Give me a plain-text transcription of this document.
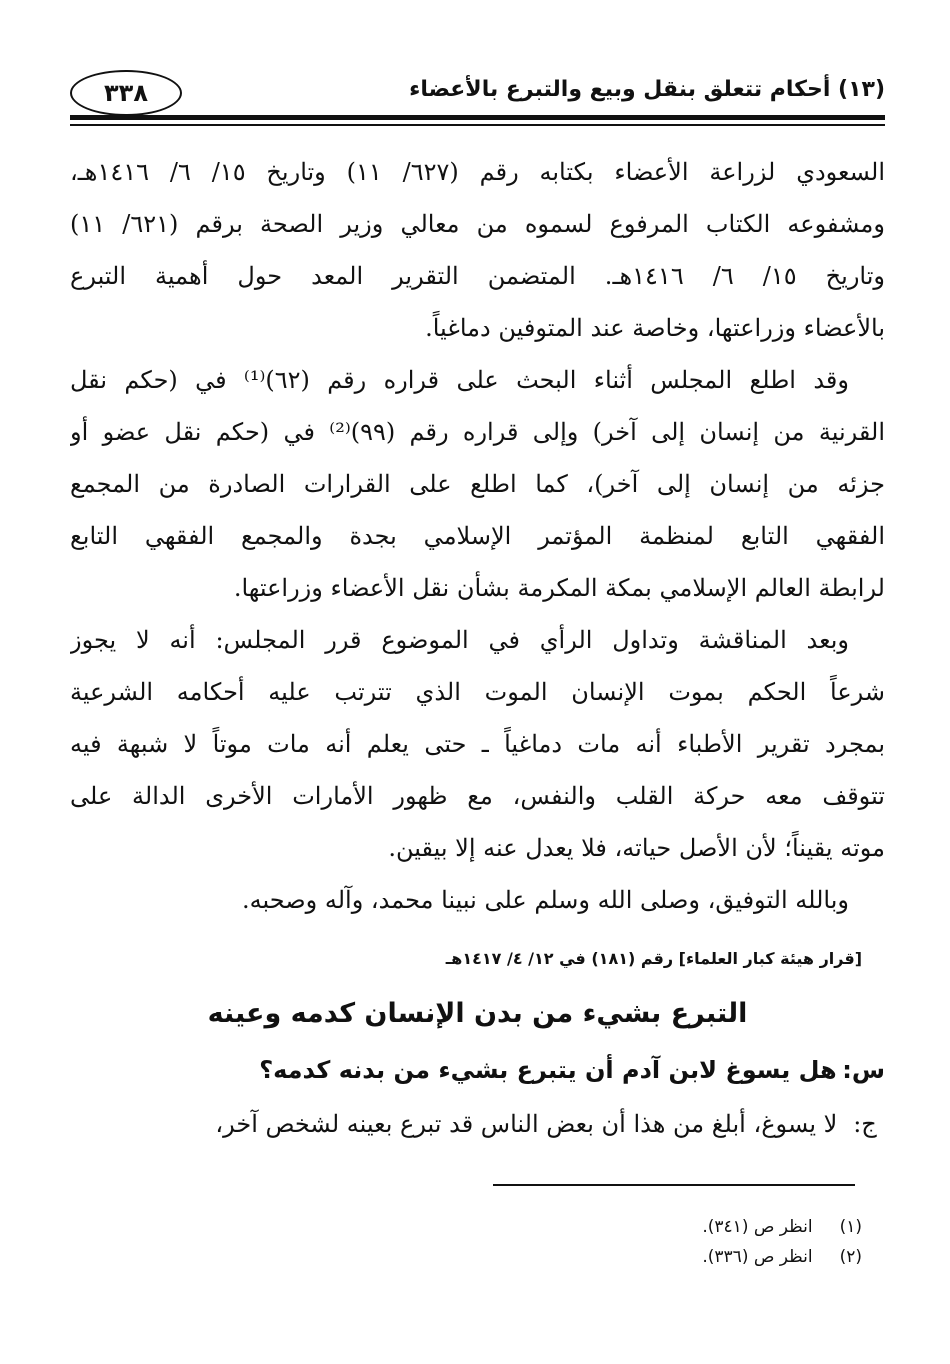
٣٣٨	(١٣) أحكام تتعلق بنقل وبيع والتبرع بالأعضاء
السعودي لزراعة الأعضاء بكتابه رقم (٦٢٧/ ١١) وتاريخ ١٥/ ٦/ ١٤١٦هـ،
ومشفوعه الكتاب المرفوع لسموه من معالي وزير الصحة برقم (٦٢١/ ١١)
وتاريخ ١٥/ ٦/ ١٤١٦هـ. المتضمن التقرير المعد حول أهمية التبرع
بالأعضاء وزراعتها، وخاصة عند المتوفين دماغياً.
وقد اطلع المجلس أثناء البحث على قراره رقم (٦٢)⁽¹⁾ في (حكم نقل
القرنية من إنسان إلى آخر) وإلى قراره رقم (٩٩)⁽²⁾ في (حكم نقل عضو أو
جزئه من إنسان إلى آخر)، كما اطلع على القرارات الصادرة من المجمع
الفقهي التابع لمنظمة المؤتمر الإسلامي بجدة والمجمع الفقهي التابع
لرابطة العالم الإسلامي بمكة المكرمة بشأن نقل الأعضاء وزراعتها.
وبعد المناقشة وتداول الرأي في الموضوع قرر المجلس: أنه لا يجوز
شرعاً الحكم بموت الإنسان الموت الذي تترتب عليه أحكامه الشرعية
بمجرد تقرير الأطباء أنه مات دماغياً ـ حتى يعلم أنه مات موتاً لا شبهة فيه
تتوقف معه حركة القلب والنفس، مع ظهور الأمارات الأخرى الدالة على
موته يقيناً؛ لأن الأصل حياته، فلا يعدل عنه إلا بيقين.
وبالله التوفيق، وصلى الله وسلم على نبينا محمد، وآله وصحبه.
[قرار هيئة كبار العلماء] رقم (١٨١) في ١٢/ ٤/ ١٤١٧هـ
التبرع بشيء من بدن الإنسان كدمه وعينه
س: هل يسوغ لابن آدم أن يتبرع بشيء من بدنه كدمه؟
ج: لا يسوغ، أبلغ من هذا أن بعض الناس قد تبرع بعينه لشخص آخر،
(١) انظر ص (٣٤١).
(٢) انظر ص (٣٣٦).
